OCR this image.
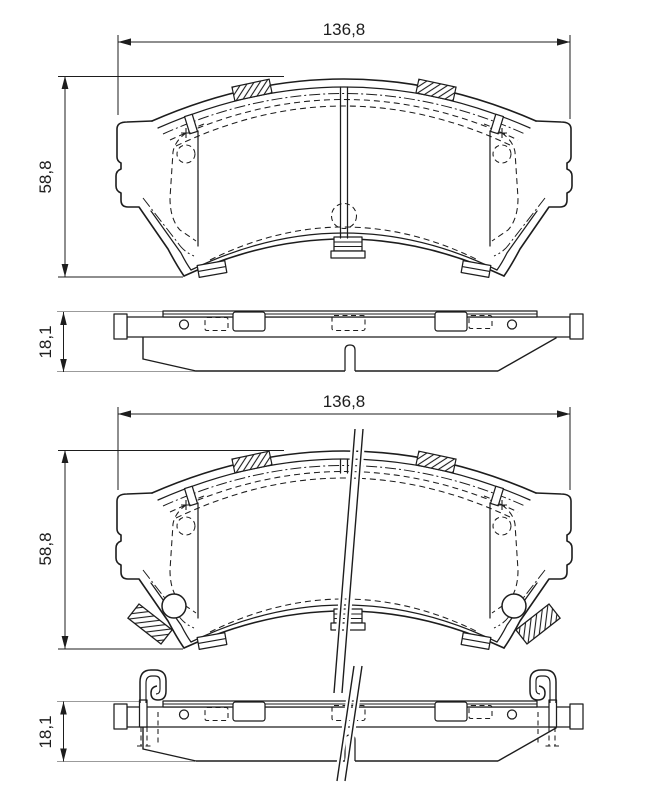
136,8
58,8
18,1
136,8
58,8
18,1
